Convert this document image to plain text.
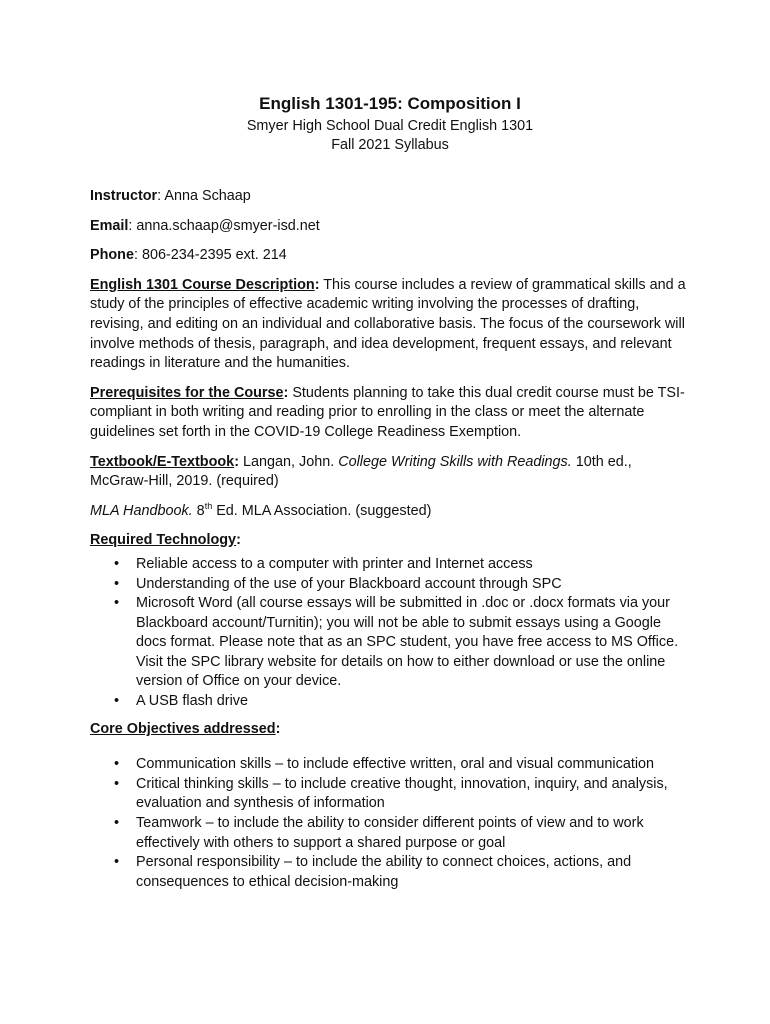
English 1301-195: Composition I

Smyer High School Dual Credit English 1301

Fall 2021 Syllabus

Instructor: Anna Schaap

Email: anna.schaap@smyer-isd.net

Phone: 806-234-2395 ext. 214

English 1301 Course Description: This course includes a review of grammatical skills and a study of the principles of effective academic writing involving the processes of drafting, revising, and editing on an individual and collaborative basis. The focus of the coursework will involve methods of thesis, paragraph, and idea development, frequent essays, and relevant readings in literature and the humanities.

Prerequisites for the Course: Students planning to take this dual credit course must be TSI-compliant in both writing and reading prior to enrolling in the class or meet the alternate guidelines set forth in the COVID-19 College Readiness Exemption.

Textbook/E-Textbook: Langan, John. College Writing Skills with Readings. 10th ed., McGraw-Hill, 2019. (required)

MLA Handbook. 8th Ed. MLA Association. (suggested)

Required Technology:

• Reliable access to a computer with printer and Internet access
• Understanding of the use of your Blackboard account through SPC
• Microsoft Word (all course essays will be submitted in .doc or .docx formats via your Blackboard account/Turnitin); you will not be able to submit essays using a Google docs format. Please note that as an SPC student, you have free access to MS Office. Visit the SPC library website for details on how to either download or use the online version of Office on your device.
• A USB flash drive

Core Objectives addressed:

• Communication skills – to include effective written, oral and visual communication
• Critical thinking skills – to include creative thought, innovation, inquiry, and analysis, evaluation and synthesis of information
• Teamwork – to include the ability to consider different points of view and to work effectively with others to support a shared purpose or goal
• Personal responsibility – to include the ability to connect choices, actions, and consequences to ethical decision-making
